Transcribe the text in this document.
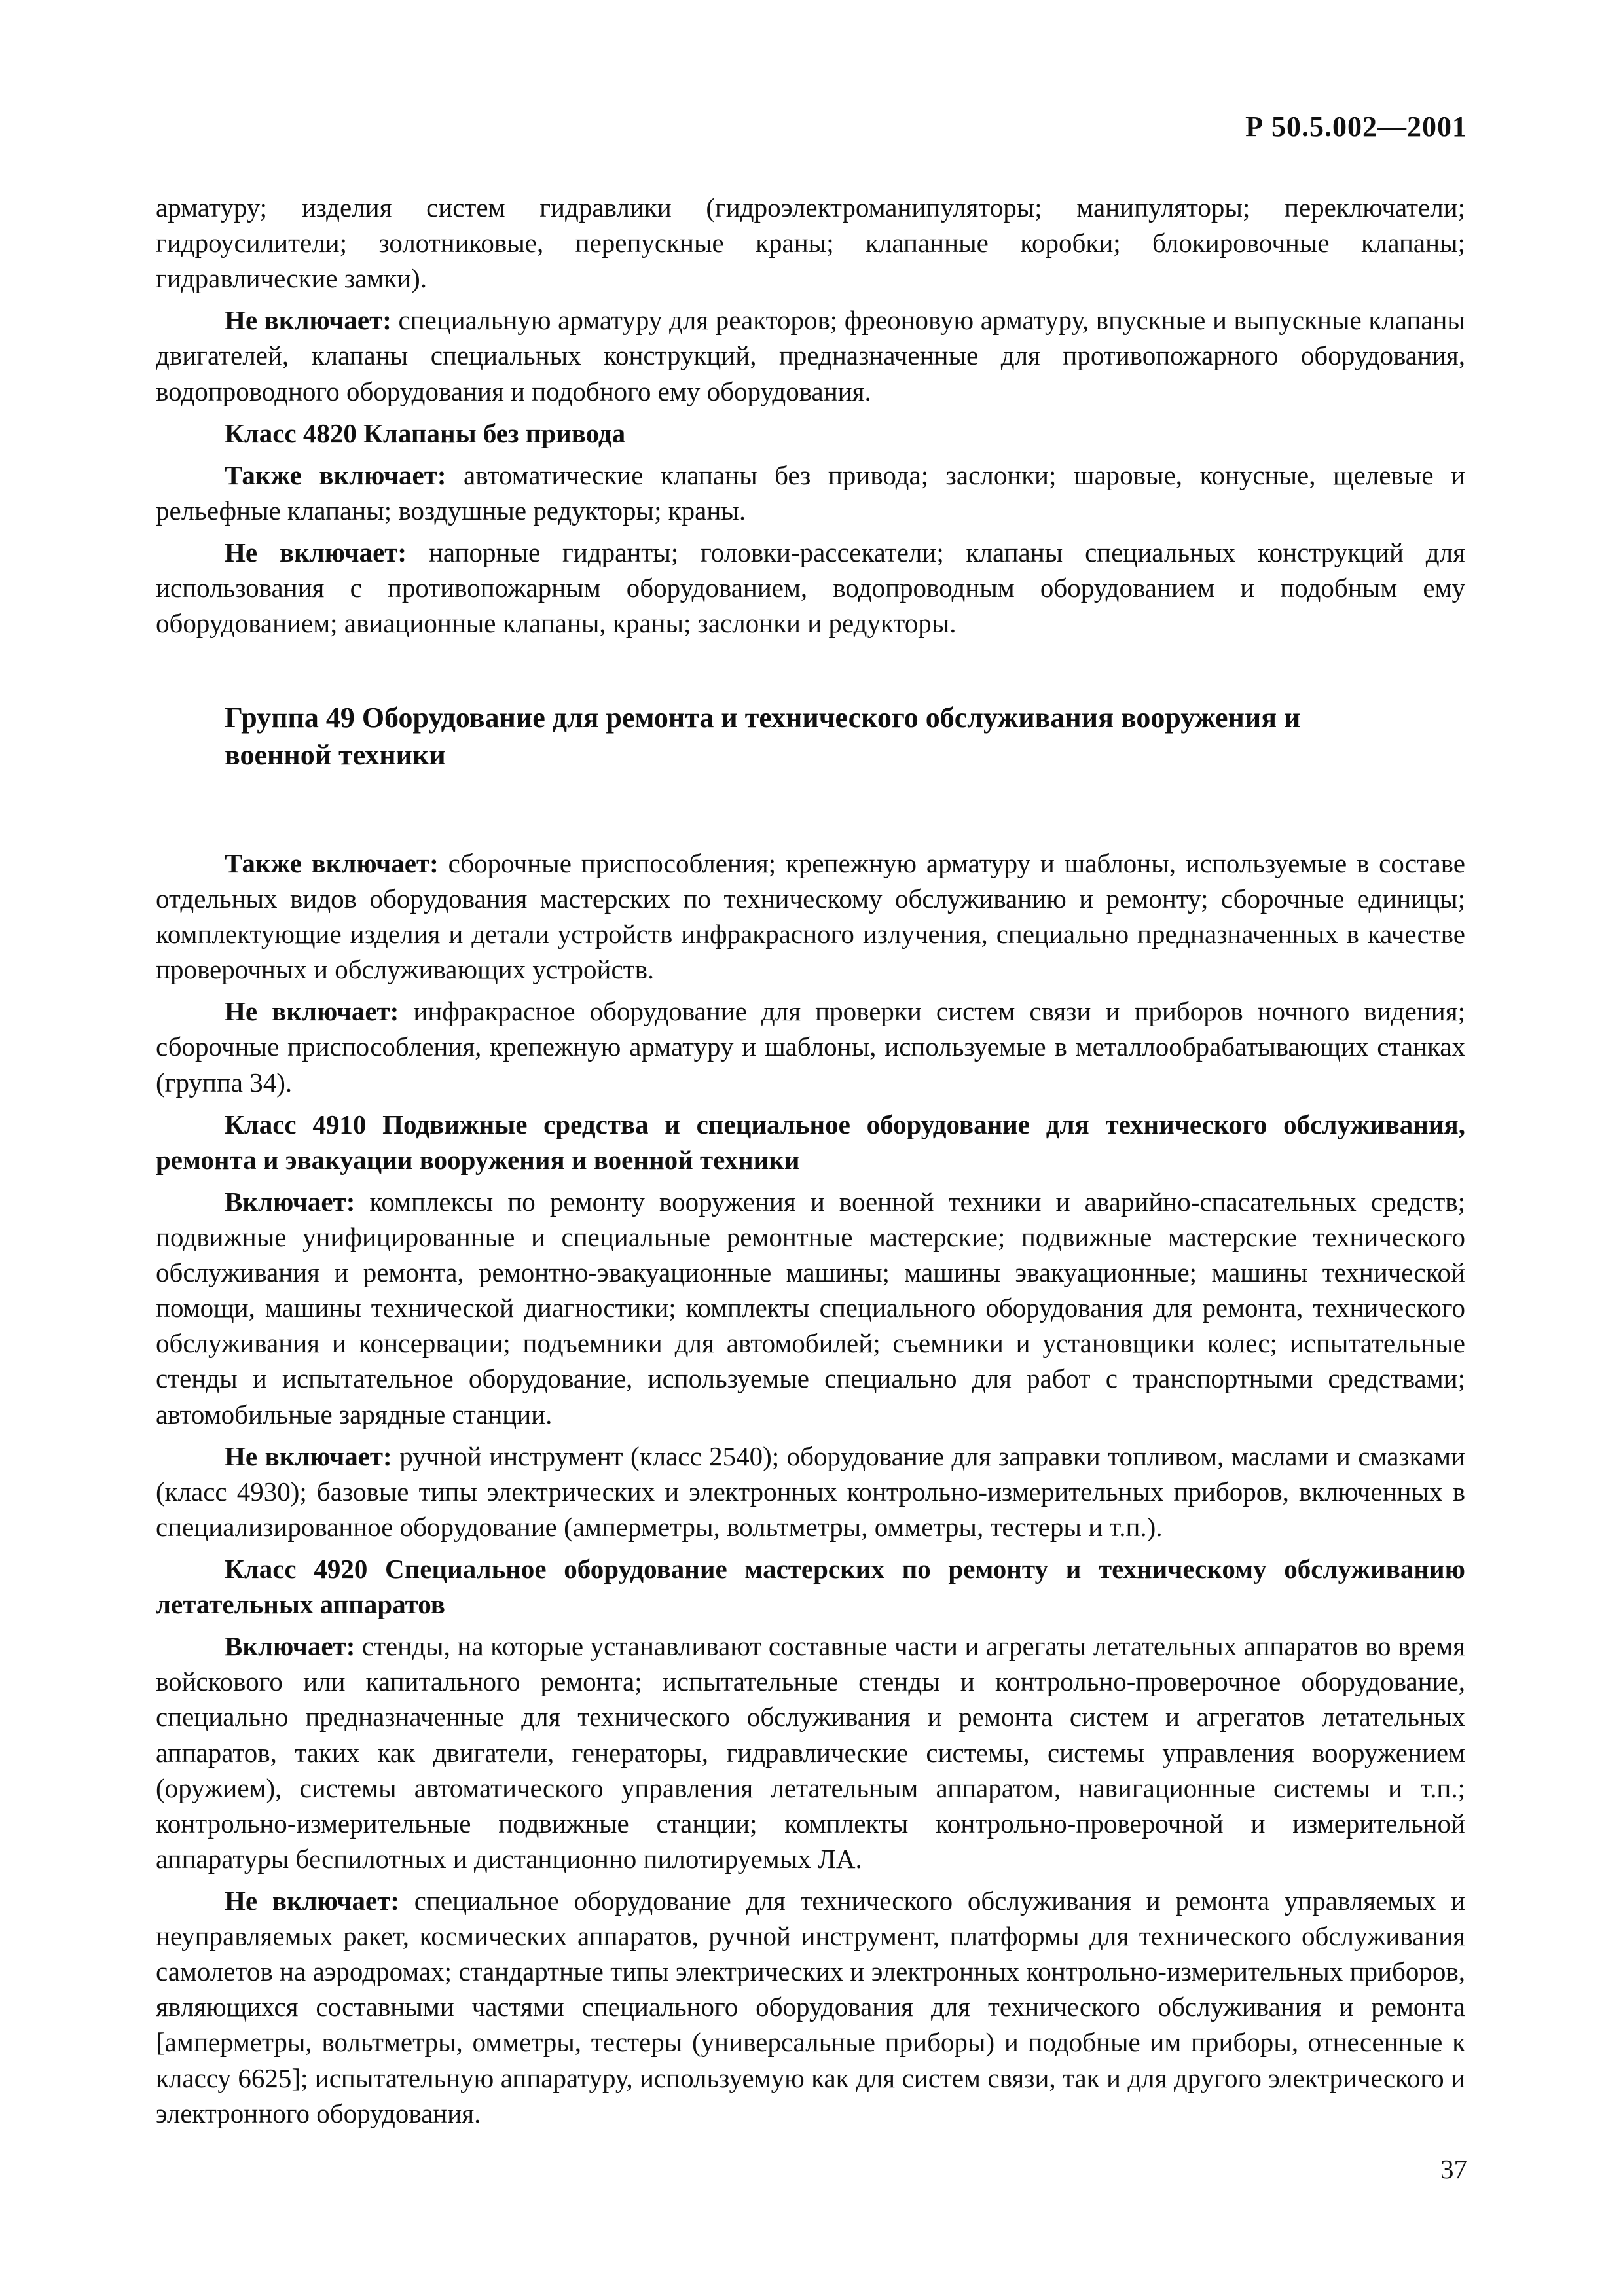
Р 50.5.002—2001

арматуру; изделия систем гидравлики (гидроэлектроманипуляторы; манипуляторы; переключатели; гидроусилители; золотниковые, перепускные краны; клапанные коробки; блокировочные клапаны; гидравлические замки).

Не включает: специальную арматуру для реакторов; фреоновую арматуру, впускные и выпускные клапаны двигателей, клапаны специальных конструкций, предназначенные для противопожарного оборудования, водопроводного оборудования и подобного ему оборудования.

Класс 4820 Клапаны без привода

Также включает: автоматические клапаны без привода; заслонки; шаровые, конусные, щелевые и рельефные клапаны; воздушные редукторы; краны.

Не включает: напорные гидранты; головки-рассекатели; клапаны специальных конструкций для использования с противопожарным оборудованием, водопроводным оборудованием и подобным ему оборудованием; авиационные клапаны, краны; заслонки и редукторы.

Группа 49 Оборудование для ремонта и технического обслуживания вооружения и военной техники

Также включает: сборочные приспособления; крепежную арматуру и шаблоны, используемые в составе отдельных видов оборудования мастерских по техническому обслуживанию и ремонту; сборочные единицы; комплектующие изделия и детали устройств инфракрасного излучения, специально предназначенных в качестве проверочных и обслуживающих устройств.

Не включает: инфракрасное оборудование для проверки систем связи и приборов ночного видения; сборочные приспособления, крепежную арматуру и шаблоны, используемые в металлообрабатывающих станках (группа 34).

Класс 4910 Подвижные средства и специальное оборудование для технического обслуживания, ремонта и эвакуации вооружения и военной техники

Включает: комплексы по ремонту вооружения и военной техники и аварийно-спасательных средств; подвижные унифицированные и специальные ремонтные мастерские; подвижные мастерские технического обслуживания и ремонта, ремонтно-эвакуационные машины; машины эвакуационные; машины технической помощи, машины технической диагностики; комплекты специального оборудования для ремонта, технического обслуживания и консервации; подъемники для автомобилей; съемники и установщики колес; испытательные стенды и испытательное оборудование, используемые специально для работ с транспортными средствами; автомобильные зарядные станции.

Не включает: ручной инструмент (класс 2540); оборудование для заправки топливом, маслами и смазками (класс 4930); базовые типы электрических и электронных контрольно-измерительных приборов, включенных в специализированное оборудование (амперметры, вольтметры, омметры, тестеры и т.п.).

Класс 4920 Специальное оборудование мастерских по ремонту и техническому обслуживанию летательных аппаратов

Включает: стенды, на которые устанавливают составные части и агрегаты летательных аппаратов во время войскового или капитального ремонта; испытательные стенды и контрольно-проверочное оборудование, специально предназначенные для технического обслуживания и ремонта систем и агрегатов летательных аппаратов, таких как двигатели, генераторы, гидравлические системы, системы управления вооружением (оружием), системы автоматического управления летательным аппаратом, навигационные системы и т.п.; контрольно-измерительные подвижные станции; комплекты контрольно-проверочной и измерительной аппаратуры беспилотных и дистанционно пилотируемых ЛА.

Не включает: специальное оборудование для технического обслуживания и ремонта управляемых и неуправляемых ракет, космических аппаратов, ручной инструмент, платформы для технического обслуживания самолетов на аэродромах; стандартные типы электрических и электронных контрольно-измерительных приборов, являющихся составными частями специального оборудования для технического обслуживания и ремонта [амперметры, вольтметры, омметры, тестеры (универсальные приборы) и подобные им приборы, отнесенные к классу 6625]; испытательную аппаратуру, используемую как для систем связи, так и для другого электрического и электронного оборудования.

37
